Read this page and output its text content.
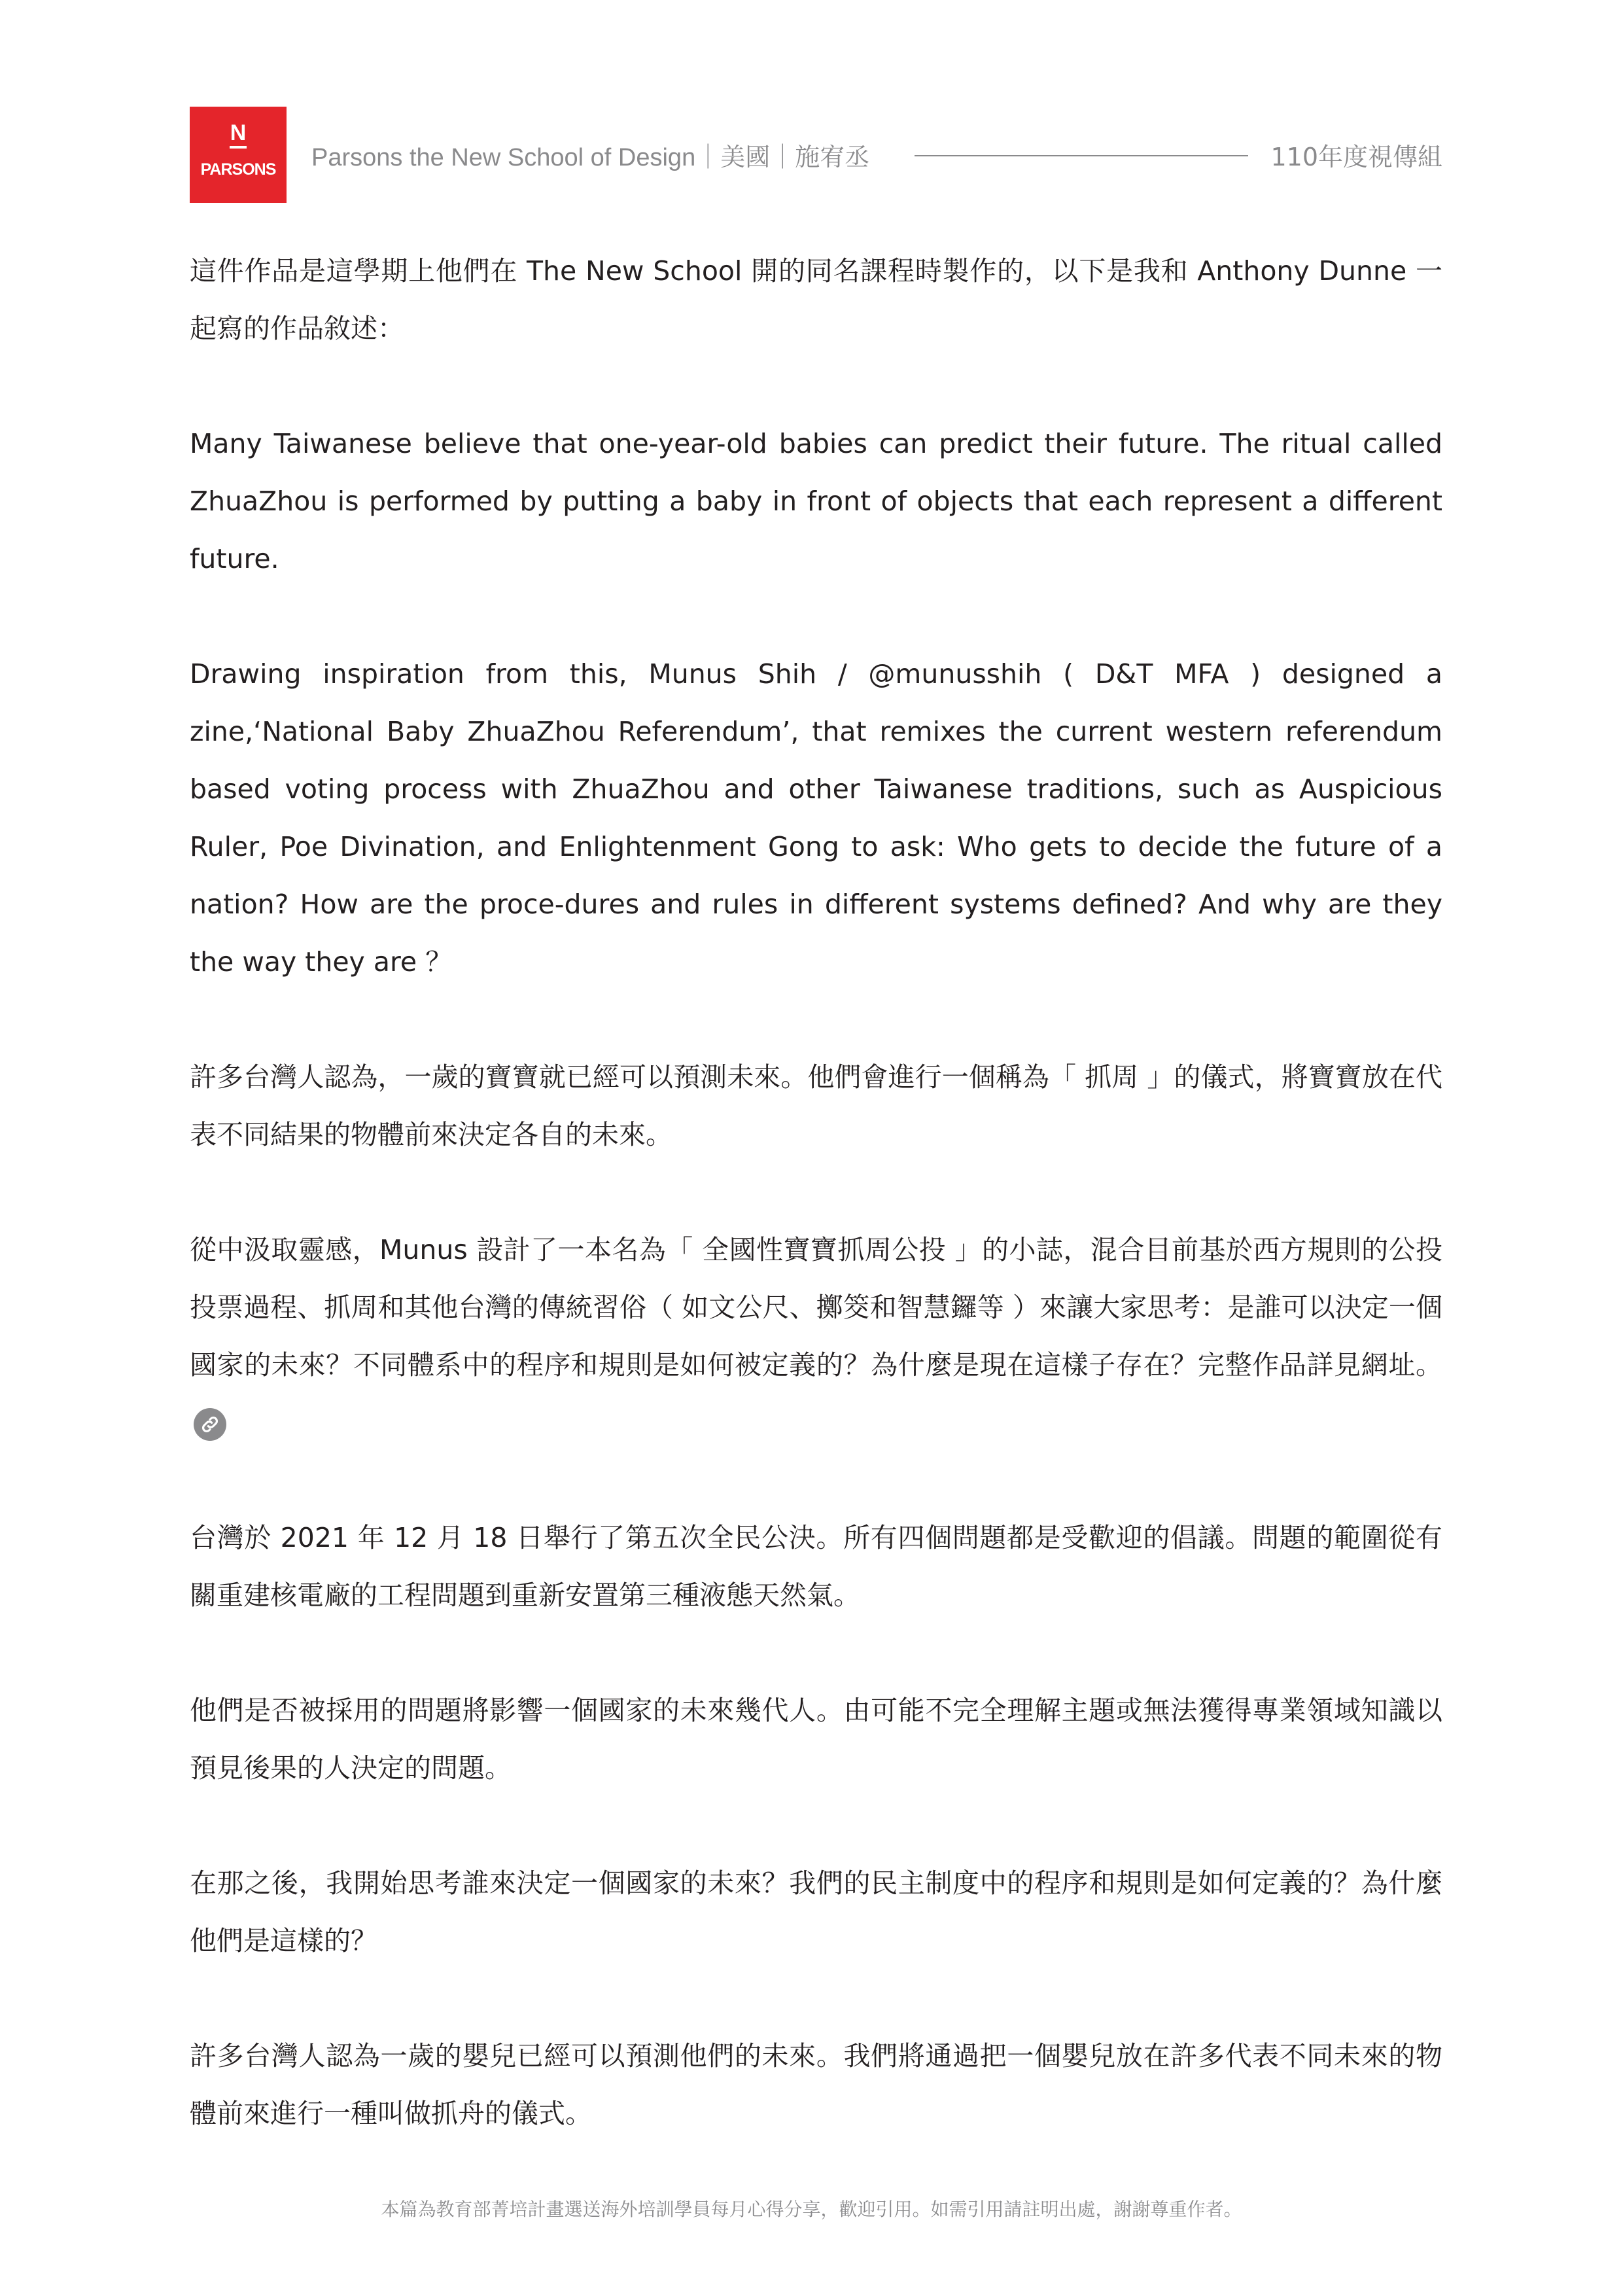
N
PARSONS	Parsons the New School of Design｜美國｜施宥丞	110年度視傳組

這件作品是這學期上他們在 The New School 開的同名課程時製作的，以下是我和 Anthony Dunne 一起寫的作品敘述：

Many Taiwanese believe that one-year-old babies can predict their future. The ritual called ZhuaZhou is performed by putting a baby in front of objects that each represent a different future.

Drawing inspiration from this, Munus Shih / @munusshih ( D&T MFA ) designed a zine,‘National Baby ZhuaZhou Referendum’, that remixes the current western referendum based voting process with ZhuaZhou and other Taiwanese traditions, such as Auspicious Ruler, Poe Divination, and Enlightenment Gong to ask: Who gets to decide the future of a nation? How are the proce-dures and rules in different systems defined? And why are they the way they are ？

許多台灣人認為，一歲的寶寶就已經可以預測未來。他們會進行一個稱為「 抓周 」的儀式，將寶寶放在代表不同結果的物體前來決定各自的未來。

從中汲取靈感，Munus 設計了一本名為「 全國性寶寶抓周公投 」的小誌，混合目前基於西方規則的公投投票過程、抓周和其他台灣的傳統習俗（ 如文公尺、擲筊和智慧鑼等 ）來讓大家思考：是誰可以決定一個國家的未來？不同體系中的程序和規則是如何被定義的？為什麼是現在這樣子存在？完整作品詳見網址。

台灣於 2021 年 12 月 18 日舉行了第五次全民公決。所有四個問題都是受歡迎的倡議。問題的範圍從有關重建核電廠的工程問題到重新安置第三種液態天然氣。

他們是否被採用的問題將影響一個國家的未來幾代人。由可能不完全理解主題或無法獲得專業領域知識以預見後果的人決定的問題。

在那之後，我開始思考誰來決定一個國家的未來？我們的民主制度中的程序和規則是如何定義的？為什麼他們是這樣的？

許多台灣人認為一歲的嬰兒已經可以預測他們的未來。我們將通過把一個嬰兒放在許多代表不同未來的物體前來進行一種叫做抓舟的儀式。

本篇為教育部菁培計畫選送海外培訓學員每月心得分享，歡迎引用。如需引用請註明出處，謝謝尊重作者。
